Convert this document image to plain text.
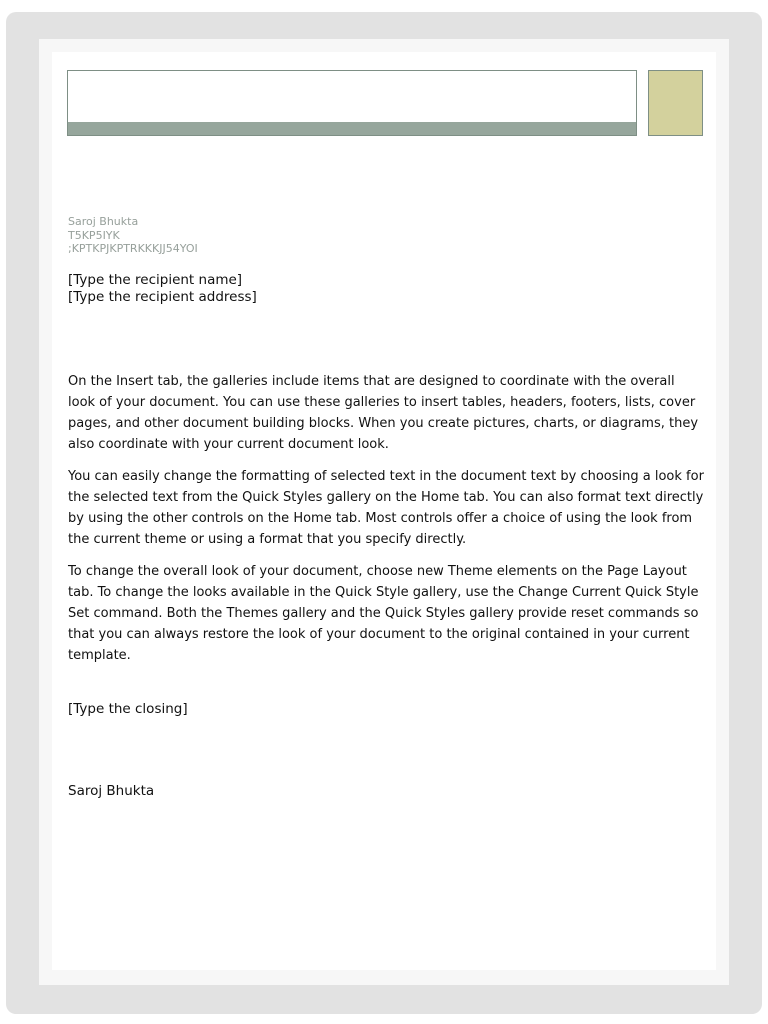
Saroj Bhukta
T5KP5IYK
;KPTKPJKPTRKKKJJ54YOI
[Type the recipient name]
[Type the recipient address]

On the Insert tab, the galleries include items that are designed to coordinate with the overall look of your document. You can use these galleries to insert tables, headers, footers, lists, cover pages, and other document building blocks. When you create pictures, charts, or diagrams, they also coordinate with your current document look.

You can easily change the formatting of selected text in the document text by choosing a look for the selected text from the Quick Styles gallery on the Home tab. You can also format text directly by using the other controls on the Home tab. Most controls offer a choice of using the look from the current theme or using a format that you specify directly.

To change the overall look of your document, choose new Theme elements on the Page Layout tab. To change the looks available in the Quick Style gallery, use the Change Current Quick Style Set command. Both the Themes gallery and the Quick Styles gallery provide reset commands so that you can always restore the look of your document to the original contained in your current template.

[Type the closing]
Saroj Bhukta
